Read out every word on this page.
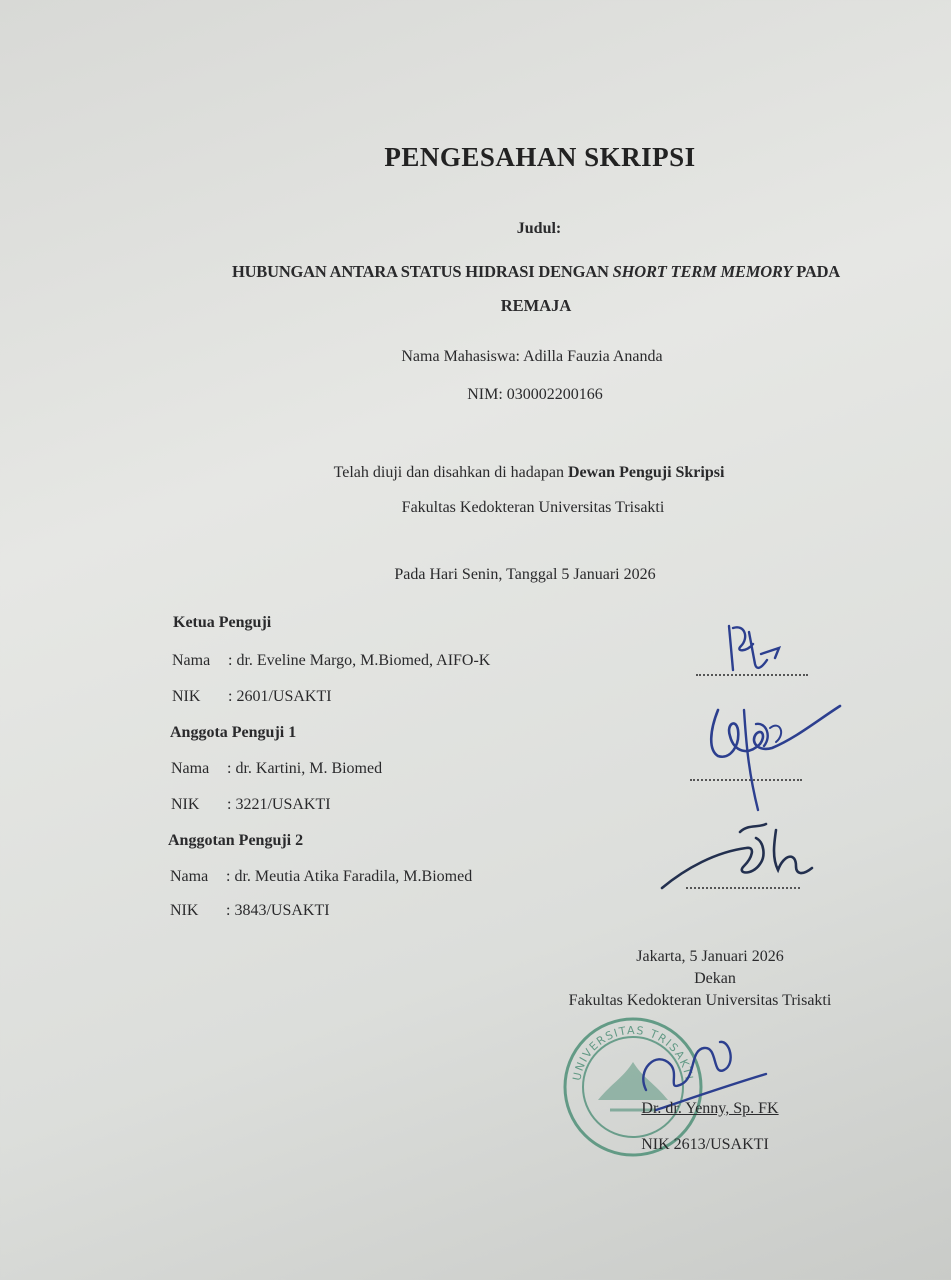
PENGESAHAN SKRIPSI
Judul:
HUBUNGAN ANTARA STATUS HIDRASI DENGAN SHORT TERM MEMORY PADA
REMAJA
Nama Mahasiswa: Adilla Fauzia Ananda
NIM: 030002200166
Telah diuji dan disahkan di hadapan Dewan Penguji Skripsi
Fakultas Kedokteran Universitas Trisakti
Pada Hari Senin, Tanggal 5 Januari 2026
Ketua Penguji
Nama : dr. Eveline Margo, M.Biomed, AIFO-K
NIK : 2601/USAKTI
Anggota Penguji 1
Nama : dr. Kartini, M. Biomed
NIK : 3221/USAKTI
Anggotan Penguji 2
Nama : dr. Meutia Atika Faradila, M.Biomed
NIK : 3843/USAKTI
Jakarta, 5 Januari 2026
Dekan
Fakultas Kedokteran Universitas Trisakti
UNIVERSITAS TRISAKTI
Dr. dr. Yenny, Sp. FK
NIK 2613/USAKTI
